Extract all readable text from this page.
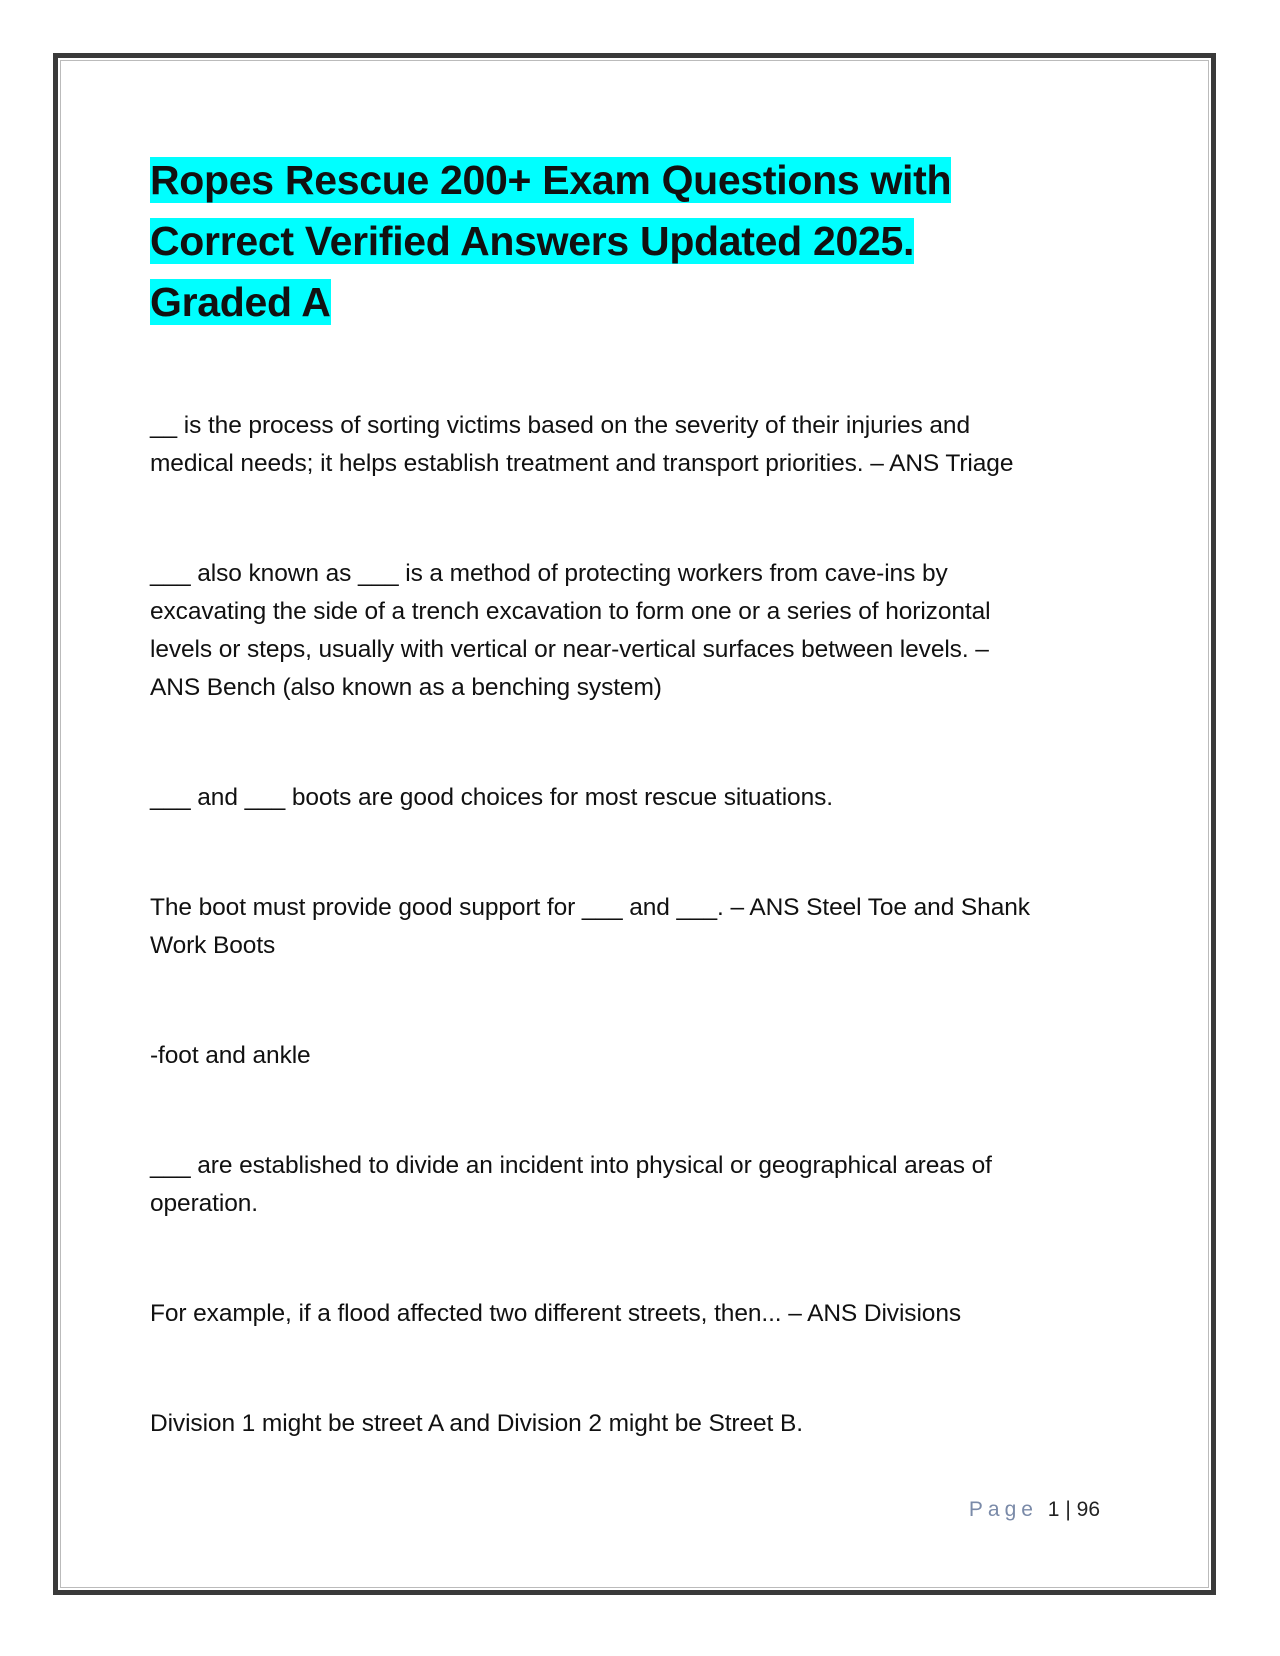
Ropes Rescue 200+ Exam Questions with
Correct Verified Answers Updated 2025.
Graded A

__ is the process of sorting victims based on the severity of their injuries and
medical needs; it helps establish treatment and transport priorities. – ANS Triage

___ also known as ___ is a method of protecting workers from cave-ins by
excavating the side of a trench excavation to form one or a series of horizontal
levels or steps, usually with vertical or near-vertical surfaces between levels. –
ANS Bench (also known as a benching system)

___ and ___ boots are good choices for most rescue situations.

The boot must provide good support for ___ and ___. – ANS Steel Toe and Shank
Work Boots

-foot and ankle

___ are established to divide an incident into physical or geographical areas of
operation.

For example, if a flood affected two different streets, then... – ANS Divisions

Division 1 might be street A and Division 2 might be Street B.

Page 1 | 96
